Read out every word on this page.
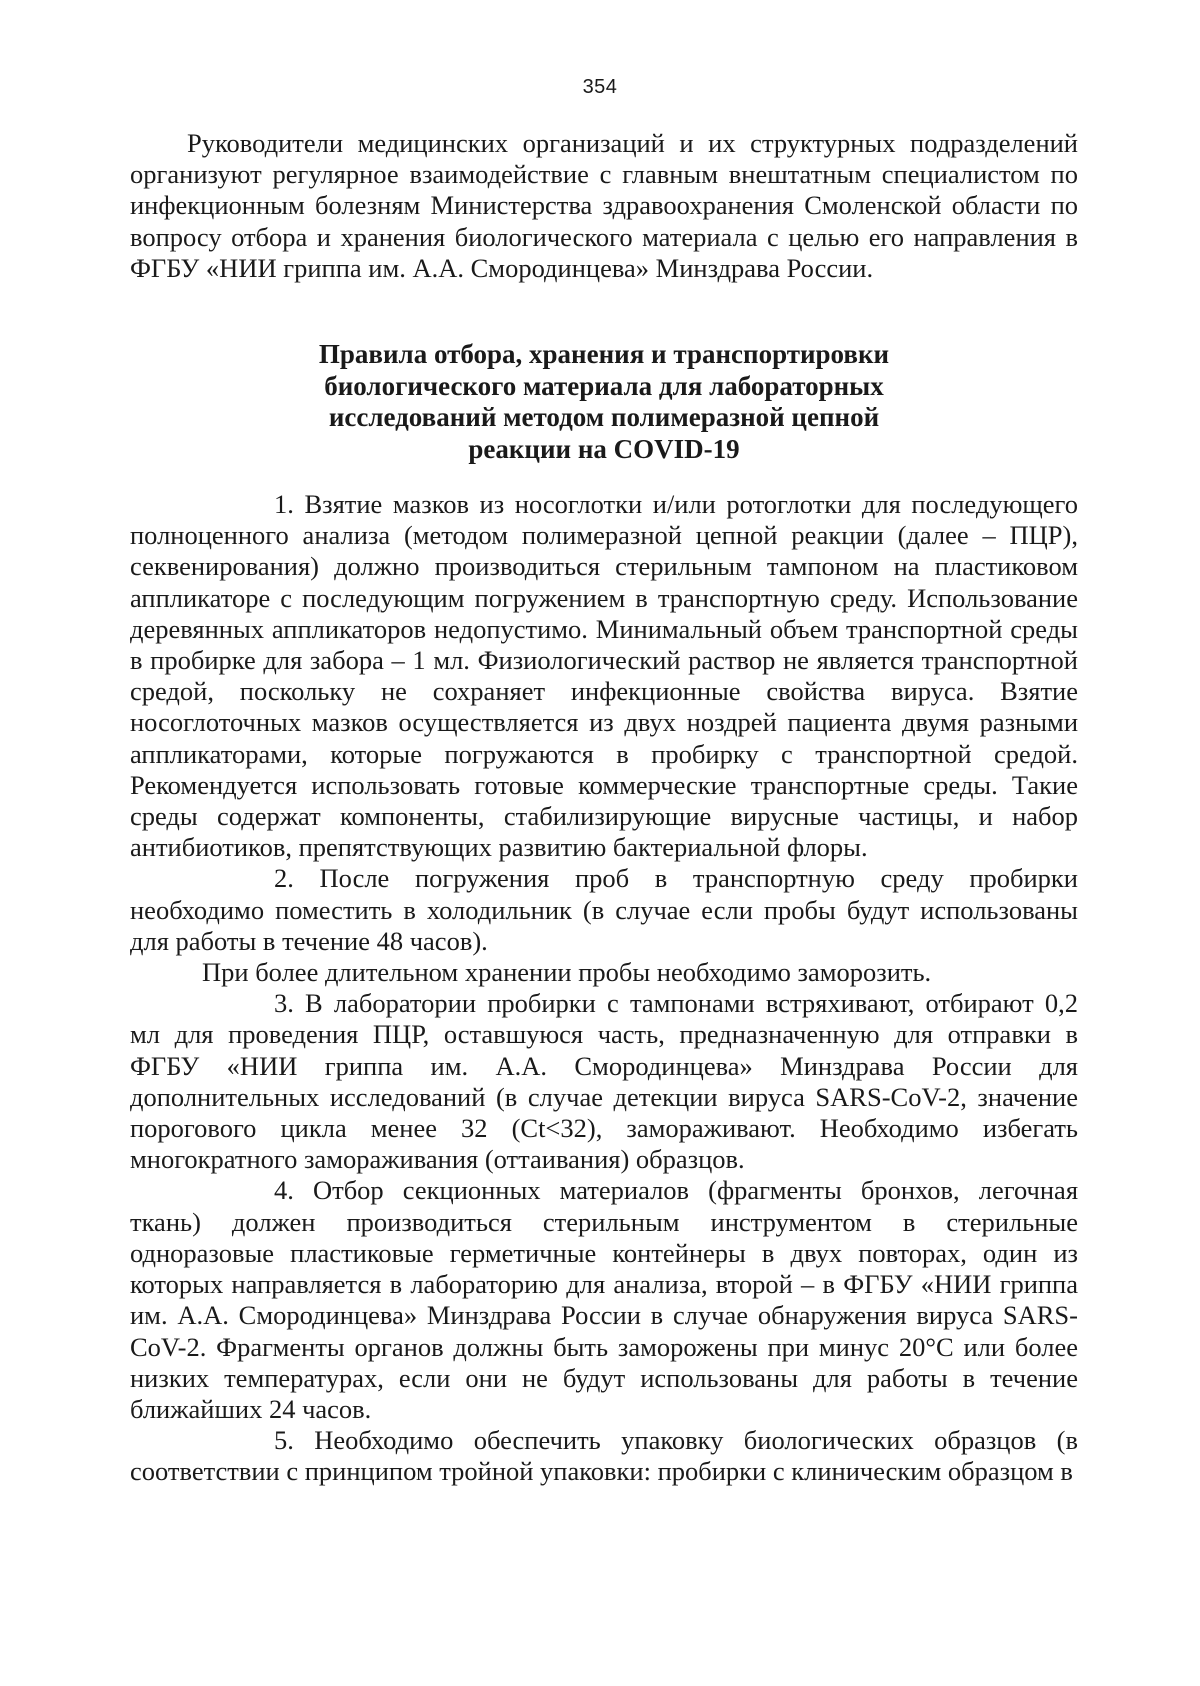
354

Руководители медицинских организаций и их структурных подразделений организуют регулярное взаимодействие с главным внештатным специалистом по инфекционным болезням Министерства здравоохранения Смоленской области по вопросу отбора и хранения биологического материала с целью его направления в ФГБУ «НИИ гриппа им. А.А. Смородинцева» Минздрава России.

Правила отбора, хранения и транспортировки
биологического материала для лабораторных
исследований методом полимеразной цепной
реакции на COVID-19

1. Взятие мазков из носоглотки и/или ротоглотки для последующего полноценного анализа (методом полимеразной цепной реакции (далее – ПЦР), секвенирования) должно производиться стерильным тампоном на пластиковом аппликаторе с последующим погружением в транспортную среду. Использование деревянных аппликаторов недопустимо. Минимальный объем транспортной среды в пробирке для забора – 1 мл. Физиологический раствор не является транспортной средой, поскольку не сохраняет инфекционные свойства вируса. Взятие носоглоточных мазков осуществляется из двух ноздрей пациента двумя разными аппликаторами, которые погружаются в пробирку с транспортной средой. Рекомендуется использовать готовые коммерческие транспортные среды. Такие среды содержат компоненты, стабилизирующие вирусные частицы, и набор антибиотиков, препятствующих развитию бактериальной флоры.

2. После погружения проб в транспортную среду пробирки необходимо поместить в холодильник (в случае если пробы будут использованы для работы в течение 48 часов).

При более длительном хранении пробы необходимо заморозить.

3. В лаборатории пробирки с тампонами встряхивают, отбирают 0,2 мл для проведения ПЦР, оставшуюся часть, предназначенную для отправки в ФГБУ «НИИ гриппа им. А.А. Смородинцева» Минздрава России для дополнительных исследований (в случае детекции вируса SARS-CoV-2, значение порогового цикла менее 32 (Ct<32), замораживают. Необходимо избегать многократного замораживания (оттаивания) образцов.

4. Отбор секционных материалов (фрагменты бронхов, легочная ткань) должен производиться стерильным инструментом в стерильные одноразовые пластиковые герметичные контейнеры в двух повторах, один из которых направляется в лабораторию для анализа, второй – в ФГБУ «НИИ гриппа им. А.А. Смородинцева» Минздрава России в случае обнаружения вируса SARS-CoV-2. Фрагменты органов должны быть заморожены при минус 20°С или более низких температурах, если они не будут использованы для работы в течение ближайших 24 часов.

5. Необходимо обеспечить упаковку биологических образцов (в соответствии с принципом тройной упаковки: пробирки с клиническим образцом в
